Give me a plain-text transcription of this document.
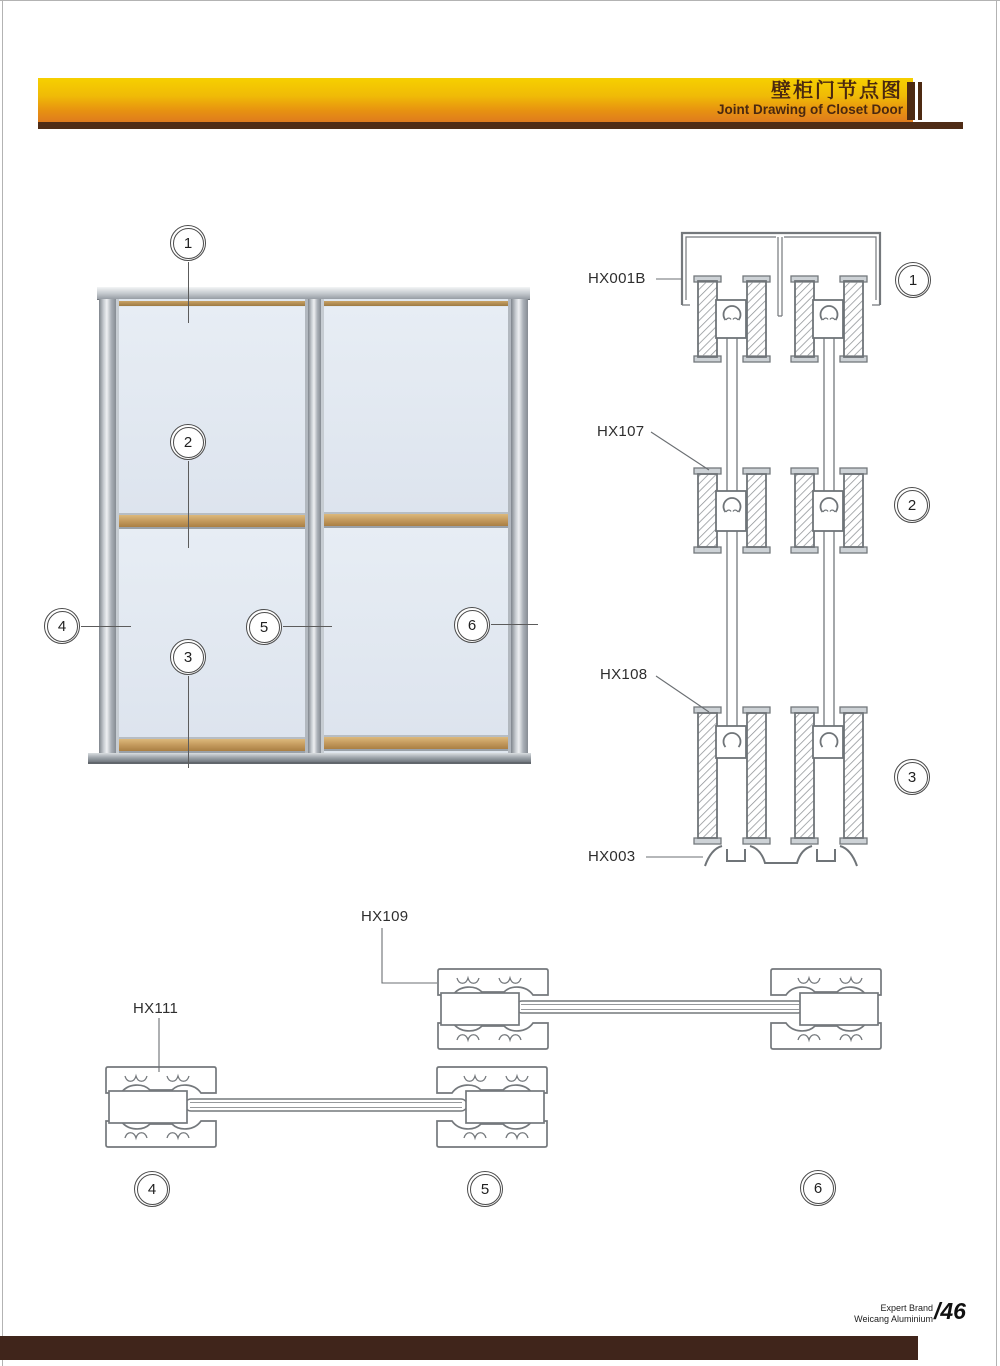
壁柜门节点图
Joint Drawing of Closet Door
1
2
3
4	5	6
HX001B
HX107
HX108
HX003
1
2
3
HX109
HX111
4	5	6
Expert Brand
Weicang Aluminium /46
